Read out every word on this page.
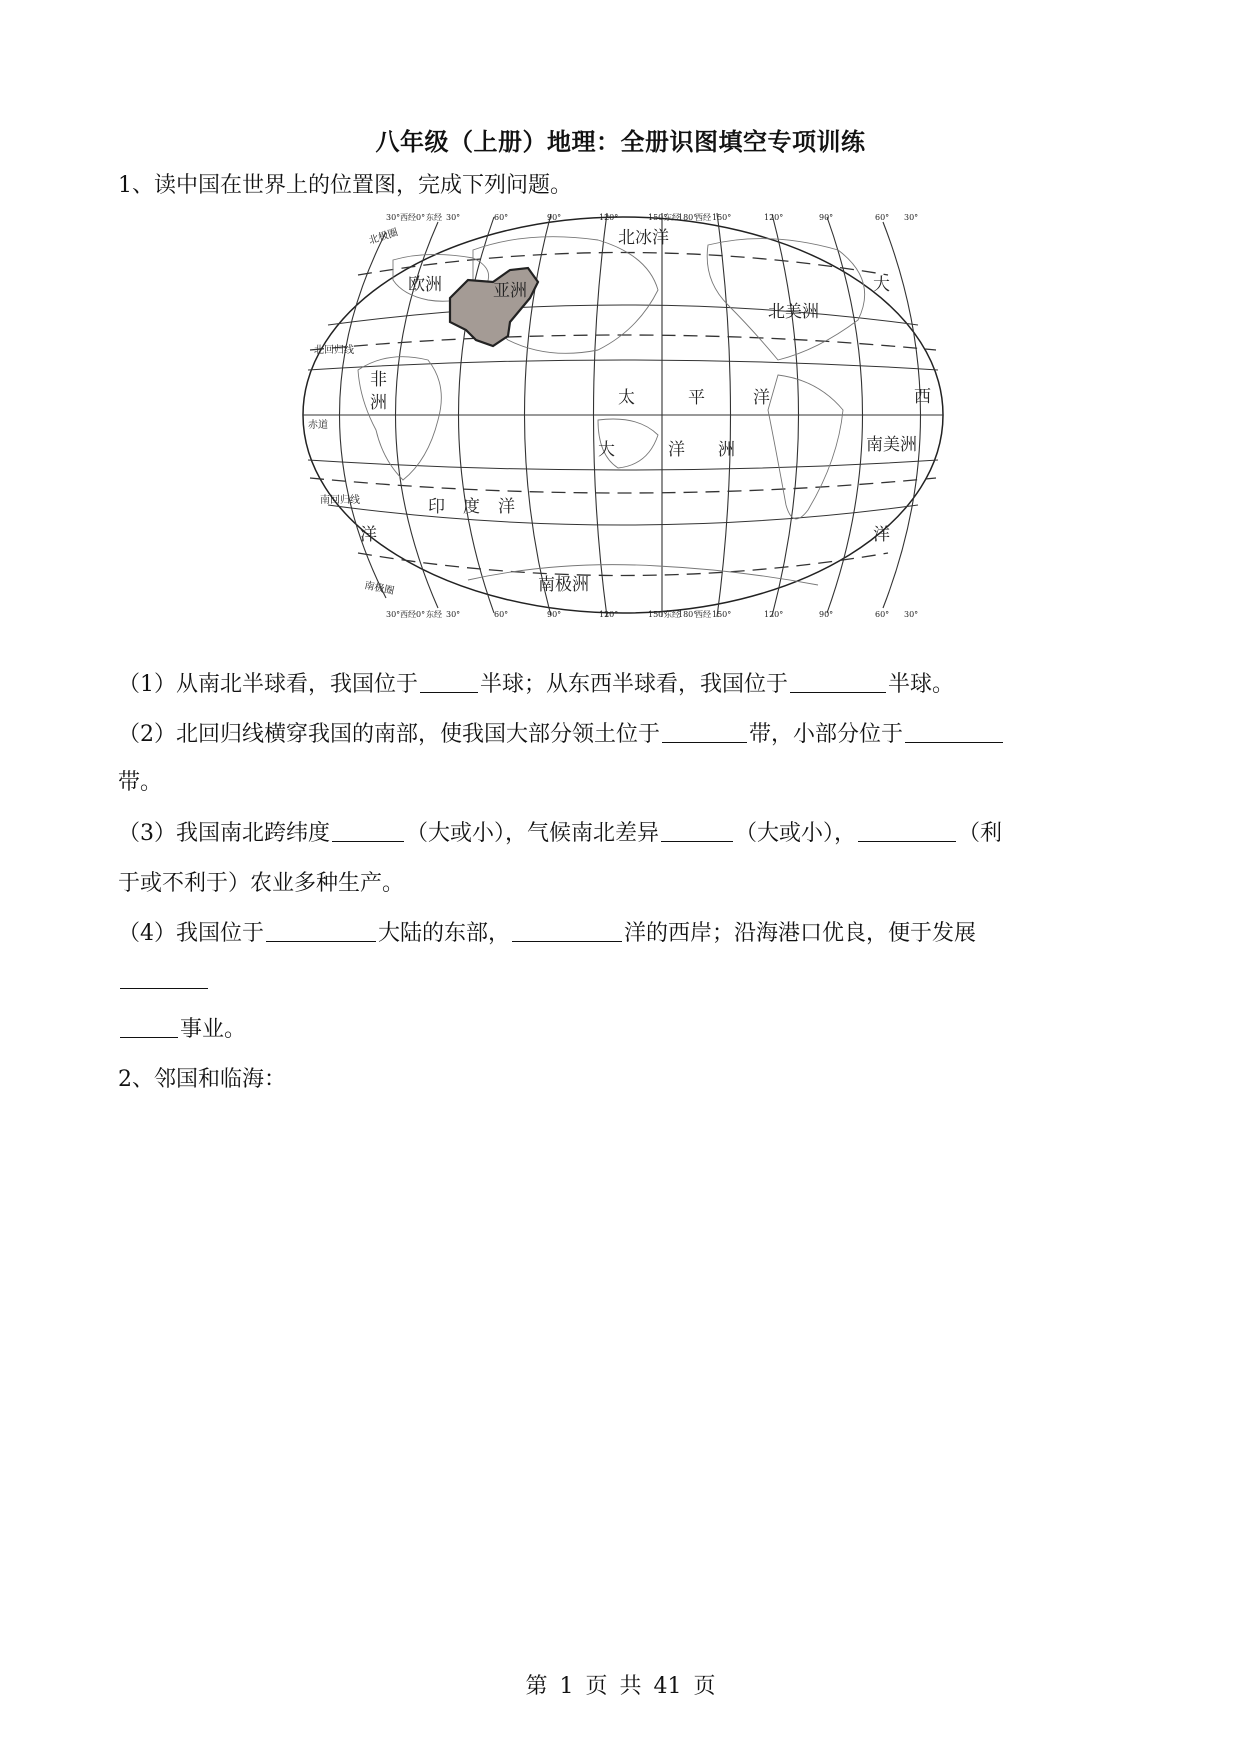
八年级（上册）地理：全册识图填空专项训练
1、读中国在世界上的位置图，完成下列问题。
30° 西经 0° 东经 30°	60°	90°	120°	150°
东经
180°
西经 150°	120°	90°	60° 30°
30° 西经 0° 东经 30°	60°	90°	120°	150°
东经
180°
西经 150°	120°	90°	60° 30°
北极圈
北回归线
赤道
南回归线
南极圈
北冰洋
欧洲	亚洲
北美洲
大
西
洋
非
洲	太	平	洋
大	洋 洲	南美洲
印 度 洋
洋
南极洲
（1）从南北半球看，我国位于	半球；从东西半球看，我国位于	半球。
（2）北回归线横穿我国的南部，使我国大部分领土位于	带，小部分位于
带。
（3）我国南北跨纬度	（大或小），气候南北差异	（大或小），	（利
于或不利于）农业多种生产。
（4）我国位于	大陆的东部，	洋的西岸；沿海港口优良，便于发展
事业。
2、邻国和临海：
第 1 页 共 41 页
